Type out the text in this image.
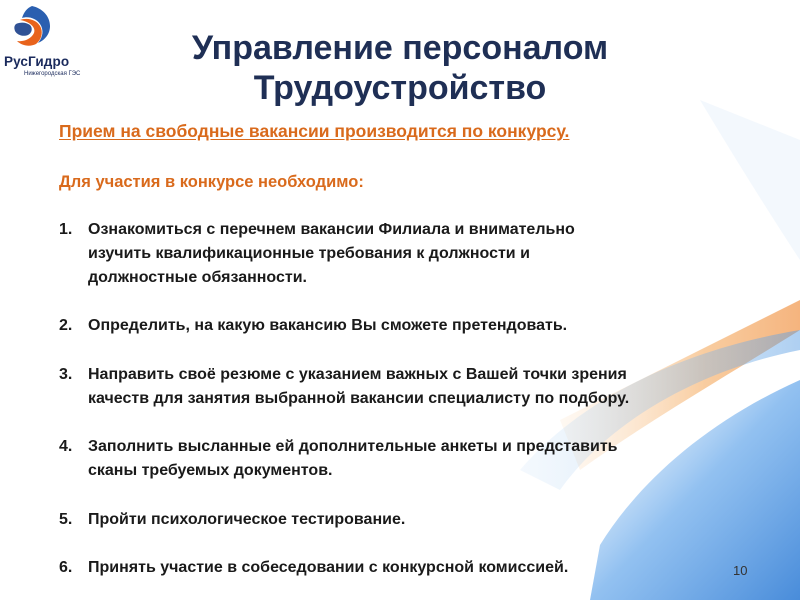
РусГидро
Нижегородская ГЭС
Управление персоналом
Трудоустройство
Прием на свободные вакансии производится по конкурсу.
Для участия в конкурсе необходимо:
1. Ознакомиться с перечнем вакансии Филиала и внимательно
изучить квалификационные требования к должности и
должностные обязанности.
2. Определить, на какую вакансию Вы сможете претендовать.
3. Направить своё резюме с указанием важных с Вашей точки зрения
качеств для занятия выбранной вакансии специалисту по подбору.
4. Заполнить высланные ей дополнительные анкеты и представить
сканы требуемых документов.
5. Пройти психологическое тестирование.
6. Принять участие в собеседовании с конкурсной комиссией.	10
